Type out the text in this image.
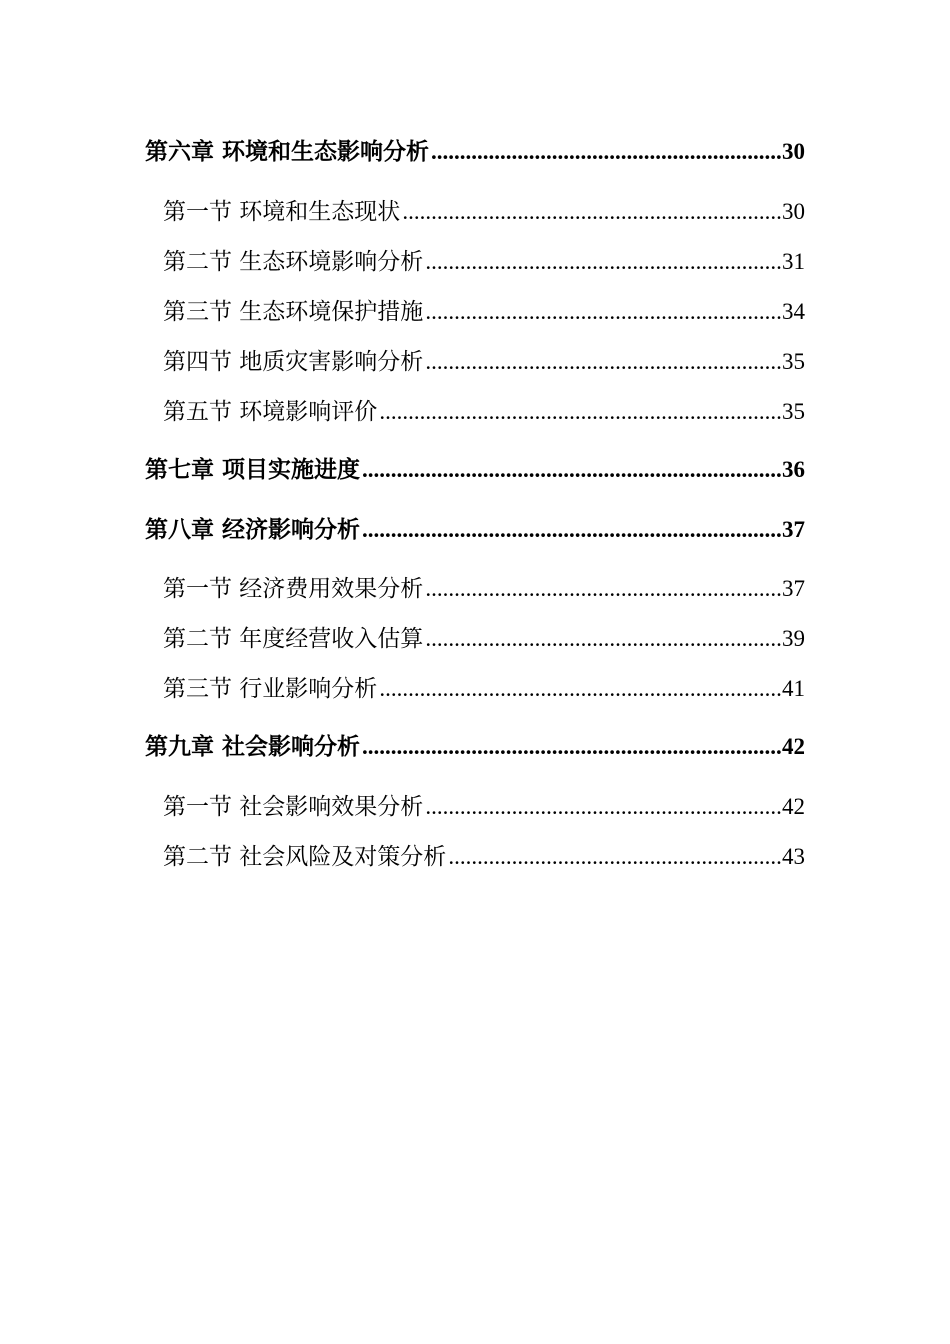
第六章 环境和生态影响分析 .....	30
第一节 环境和生态现状 .....	30
第二节 生态环境影响分析 .....	31
第三节 生态环境保护措施 .....	34
第四节 地质灾害影响分析 .....	35
第五节 环境影响评价 .....	35
第七章 项目实施进度 .....	36
第八章 经济影响分析 .....	37
第一节 经济费用效果分析 .....	37
第二节 年度经营收入估算 .....	39
第三节 行业影响分析 .....	41
第九章 社会影响分析 .....	42
第一节 社会影响效果分析 .....	42
第二节 社会风险及对策分析 .....	43
